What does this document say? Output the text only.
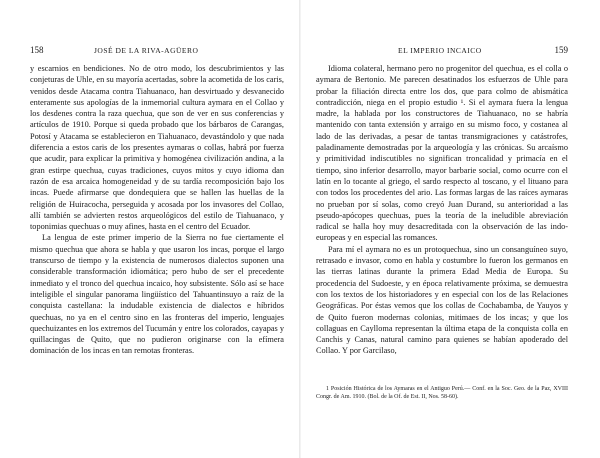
158	JOSÉ DE LA RIVA-AGÜERO

y escarnios en bendiciones. No de otro modo, los descubrimientos y las conjeturas de Uhle, en su mayoría acertadas, sobre la acometida de los caris, venidos desde Atacama contra Tiahuanaco, han desvirtuado y desvanecido enteramente sus apologías de la inmemorial cultura aymara en el Collao y los desdenes contra la raza quechua, que son de ver en sus conferencias y artículos de 1910. Porque si queda probado que los bárbaros de Carangas, Potosí y Atacama se establecieron en Tiahuanaco, devastándolo y que nada diferencia a estos caris de los presentes aymaras o collas, habrá por fuerza que acudir, para explicar la primitiva y homogénea civilización andina, a la gran estirpe quechua, cuyas tradiciones, cuyos mitos y cuyo idioma dan razón de esa arcaica homogeneidad y de su tardía recomposición bajo los incas. Puede afirmarse que dondequiera que se hallen las huellas de la religión de Huiracocha, perseguida y acosada por los invasores del Collao, allí también se advierten restos arqueológicos del estilo de Tiahuanaco, y toponimias quechuas o muy afines, hasta en el centro del Ecuador.

La lengua de este primer imperio de la Sierra no fue ciertamente el mismo quechua que ahora se habla y que usaron los incas, porque el largo transcurso de tiempo y la existencia de numerosos dialectos suponen una considerable transformación idiomática; pero hubo de ser el precedente inmediato y el tronco del quechua incaico, hoy subsistente. Sólo así se hace inteligible el singular panorama lingüístico del Tahuantinsuyo a raíz de la conquista castellana: la indudable existencia de dialectos e híbridos quechuas, no ya en el centro sino en las fronteras del imperio, lenguajes quechuizantes en los extremos del Tucumán y entre los colorados, cayapas y quillacingas de Quito, que no pudieron originarse con la efímera dominación de los incas en tan remotas fronteras.

EL IMPERIO INCAICO	159

Idioma colateral, hermano pero no progenitor del quechua, es el colla o aymara de Bertonio. Me parecen desatinados los esfuerzos de Uhle para probar la filiación directa entre los dos, que para colmo de abismática contradicción, niega en el propio estudio ¹. Si el aymara fuera la lengua madre, la hablada por los constructores de Tiahuanaco, no se habría mantenido con tanta extensión y arraigo en su mismo foco, y costanea al lado de las derivadas, a pesar de tantas transmigraciones y catástrofes, paladinamente demostradas por la arqueología y las crónicas. Su arcaísmo y primitividad indiscutibles no significan troncalidad y primacía en el tiempo, sino inferior desarrollo, mayor barbarie social, como ocurre con el latín en lo tocante al griego, el sardo respecto al toscano, y el lituano para con todos los procedentes del ario. Las formas largas de las raíces aymaras no prueban por sí solas, como creyó Juan Durand, su anterioridad a las pseudo-apócopes quechuas, pues la teoría de la ineludible abreviación radical se halla hoy muy desacreditada con la observación de las indo-europeas y en especial las romances.

Para mí el aymara no es un protoquechua, sino un consanguíneo suyo, retrasado e invasor, como en habla y costumbre lo fueron los germanos en las tierras latinas durante la primera Edad Media de Europa. Su procedencia del Sudoeste, y en época relativamente próxima, se demuestra con los textos de los historiadores y en especial con los de las Relaciones Geográficas. Por éstas vemos que los collas de Cochabamba, de Yauyos y de Quito fueron modernas colonias, mitimaes de los incas; y que los collaguas en Caylloma representan la última etapa de la conquista colla en Canchis y Canas, natural camino para quienes se habían apoderado del Collao. Y por Garcilaso,

1 Posición Histórica de los Aymaras en el Antiguo Perú.— Conf. en la Soc. Geo. de la Paz, XVIII Congr. de Am. 1910. (Bol. de la Of. de Est. II, Nos. 58-60).
